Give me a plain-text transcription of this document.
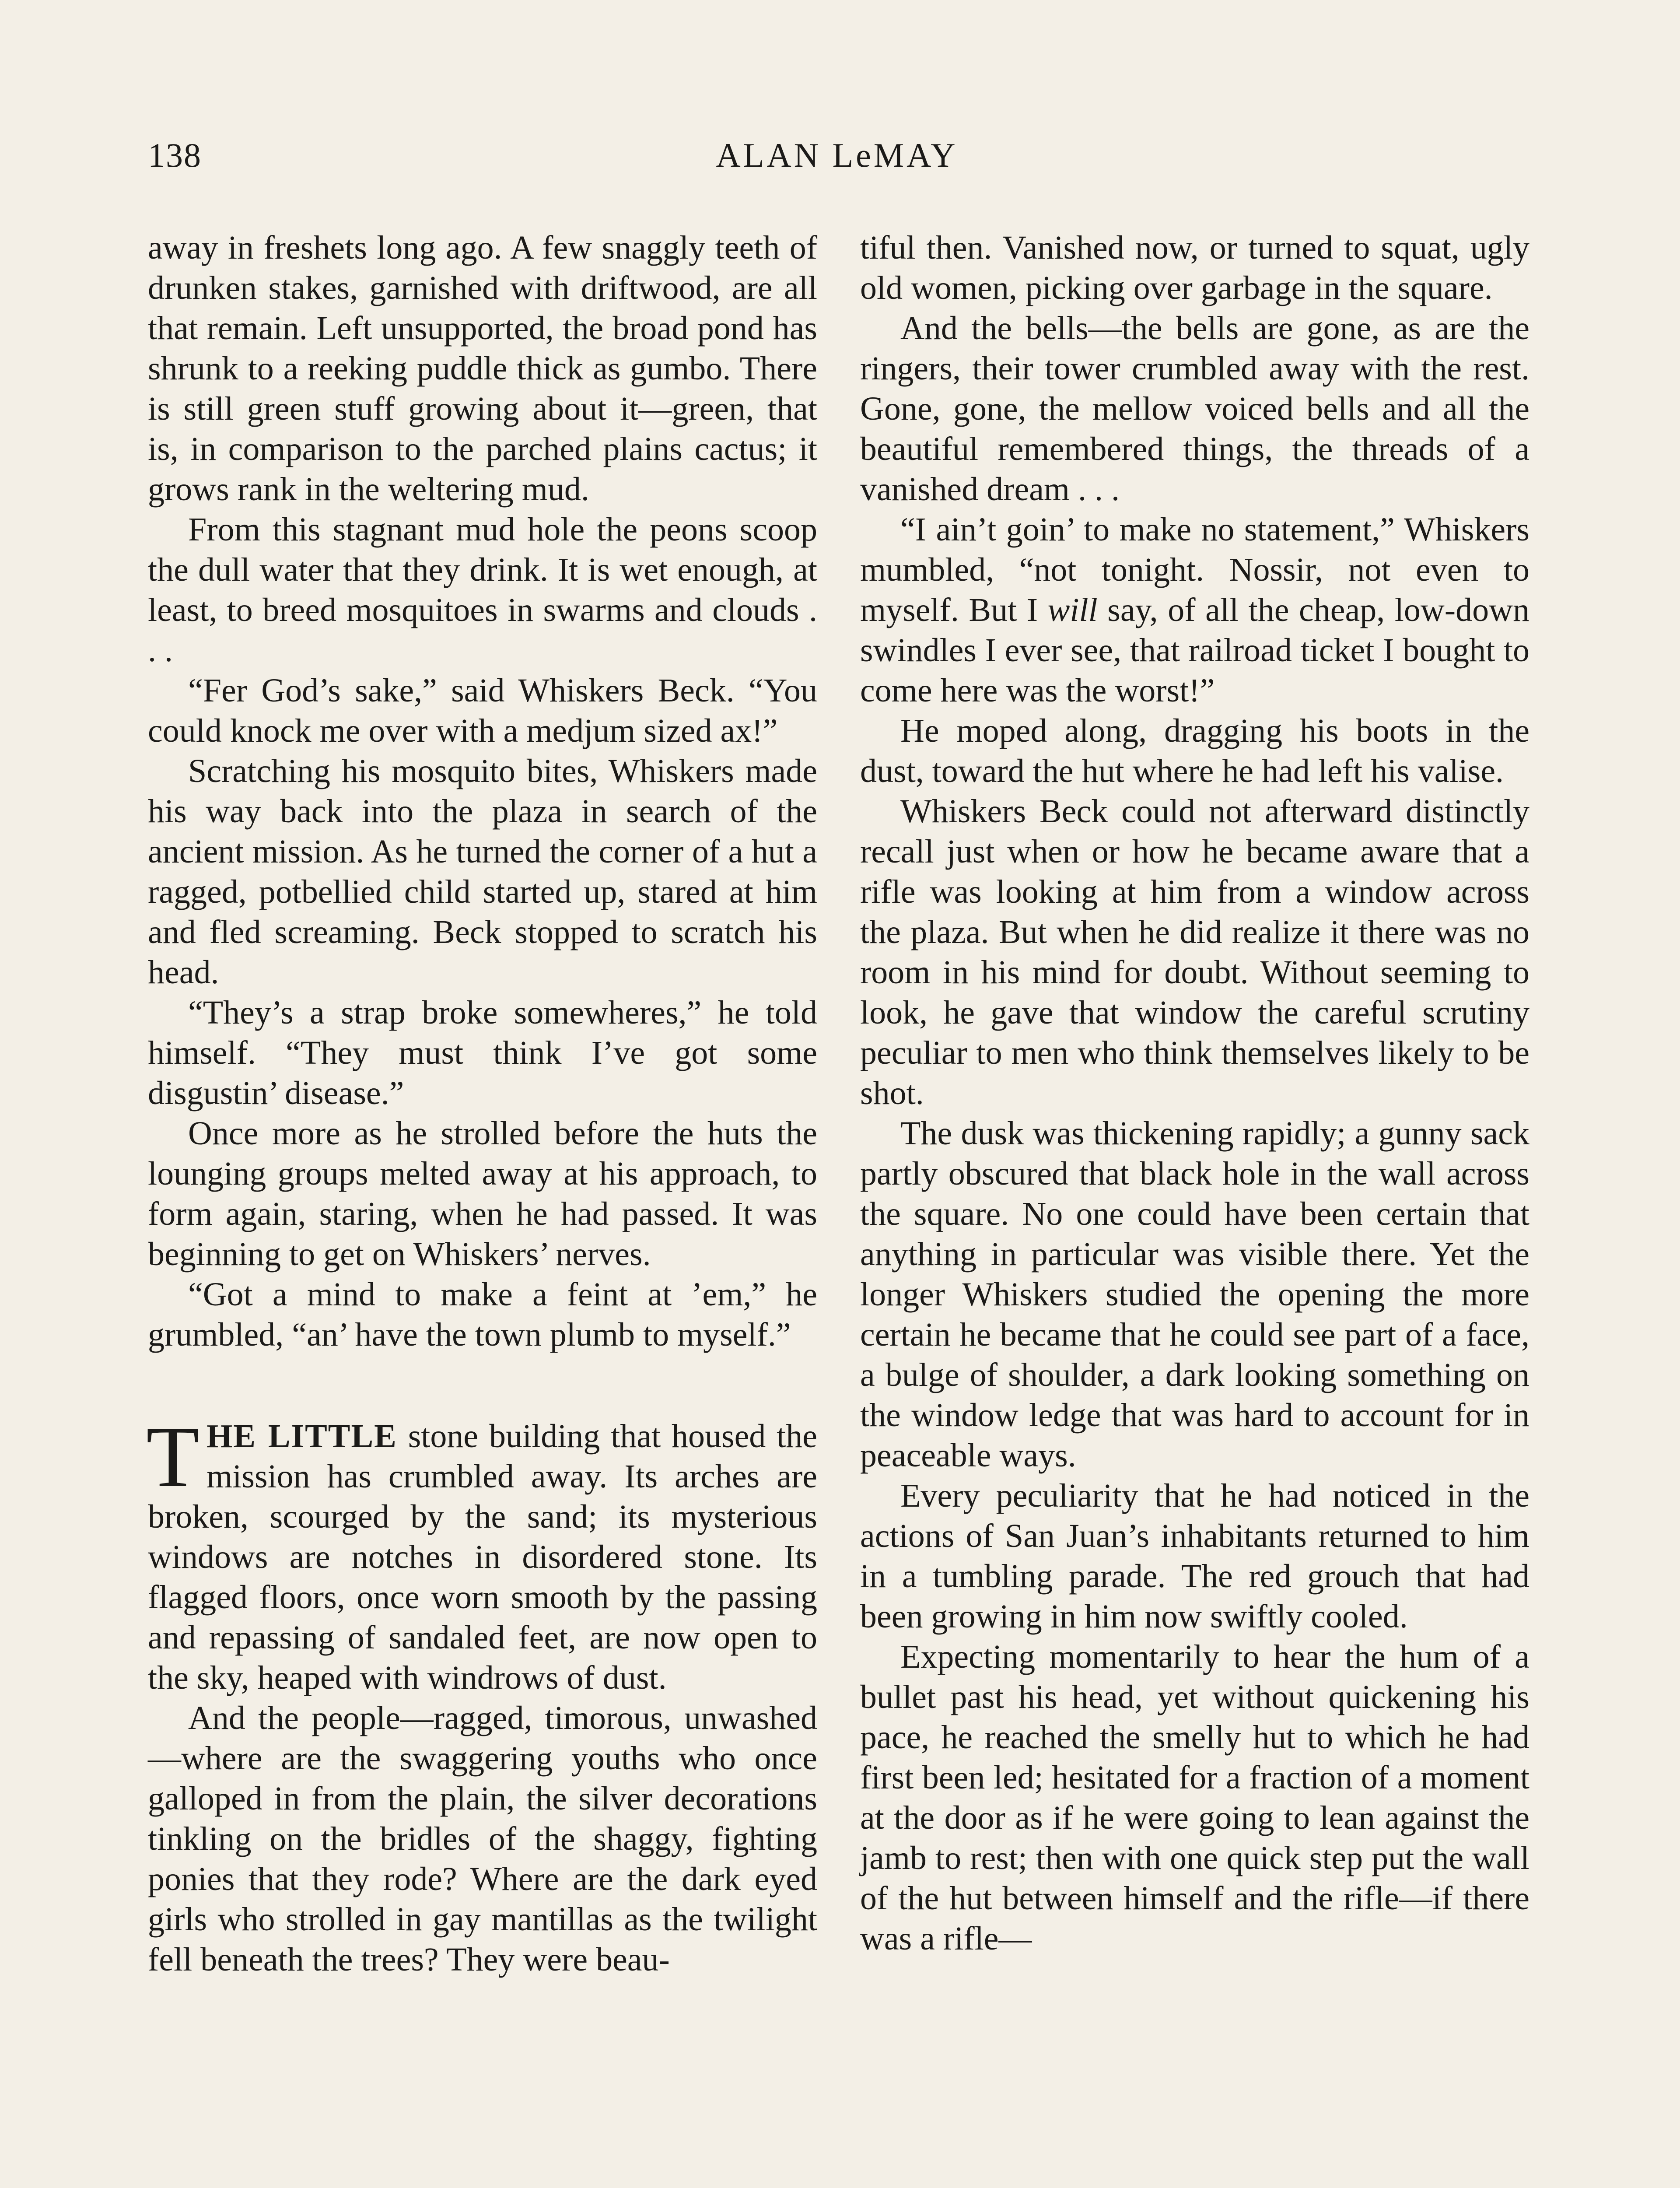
138	ALAN LeMAY

away in freshets long ago. A few snaggly teeth of drunken stakes, garnished with driftwood, are all that remain. Left unsupported, the broad pond has shrunk to a reeking puddle thick as gumbo. There is still green stuff growing about it—green, that is, in comparison to the parched plains cactus; it grows rank in the weltering mud.

From this stagnant mud hole the peons scoop the dull water that they drink. It is wet enough, at least, to breed mosquitoes in swarms and clouds . . .

“Fer God’s sake,” said Whiskers Beck. “You could knock me over with a medjum sized ax!”

Scratching his mosquito bites, Whiskers made his way back into the plaza in search of the ancient mission. As he turned the corner of a hut a ragged, potbellied child started up, stared at him and fled screaming. Beck stopped to scratch his head.

“They’s a strap broke somewheres,” he told himself. “They must think I’ve got some disgustin’ disease.”

Once more as he strolled before the huts the lounging groups melted away at his approach, to form again, staring, when he had passed. It was beginning to get on Whiskers’ nerves.

“Got a mind to make a feint at ’em,” he grumbled, “an’ have the town plumb to myself.”

THE LITTLE stone building that housed the mission has crumbled away. Its arches are broken, scourged by the sand; its mysterious windows are notches in disordered stone. Its flagged floors, once worn smooth by the passing and repassing of sandaled feet, are now open to the sky, heaped with windrows of dust.

And the people—ragged, timorous, unwashed—where are the swaggering youths who once galloped in from the plain, the silver decorations tinkling on the bridles of the shaggy, fighting ponies that they rode? Where are the dark eyed girls who strolled in gay mantillas as the twilight fell beneath the trees? They were beau-

tiful then. Vanished now, or turned to squat, ugly old women, picking over garbage in the square.

And the bells—the bells are gone, as are the ringers, their tower crumbled away with the rest. Gone, gone, the mellow voiced bells and all the beautiful remembered things, the threads of a vanished dream . . .

“I ain’t goin’ to make no statement,” Whiskers mumbled, “not tonight. Nossir, not even to myself. But I will say, of all the cheap, low-down swindles I ever see, that railroad ticket I bought to come here was the worst!”

He moped along, dragging his boots in the dust, toward the hut where he had left his valise.

Whiskers Beck could not afterward distinctly recall just when or how he became aware that a rifle was looking at him from a window across the plaza. But when he did realize it there was no room in his mind for doubt. Without seeming to look, he gave that window the careful scrutiny peculiar to men who think themselves likely to be shot.

The dusk was thickening rapidly; a gunny sack partly obscured that black hole in the wall across the square. No one could have been certain that anything in particular was visible there. Yet the longer Whiskers studied the opening the more certain he became that he could see part of a face, a bulge of shoulder, a dark looking something on the window ledge that was hard to account for in peaceable ways.

Every peculiarity that he had noticed in the actions of San Juan’s inhabitants returned to him in a tumbling parade. The red grouch that had been growing in him now swiftly cooled.

Expecting momentarily to hear the hum of a bullet past his head, yet without quickening his pace, he reached the smelly hut to which he had first been led; hesitated for a fraction of a moment at the door as if he were going to lean against the jamb to rest; then with one quick step put the wall of the hut between himself and the rifle—if there was a rifle—
